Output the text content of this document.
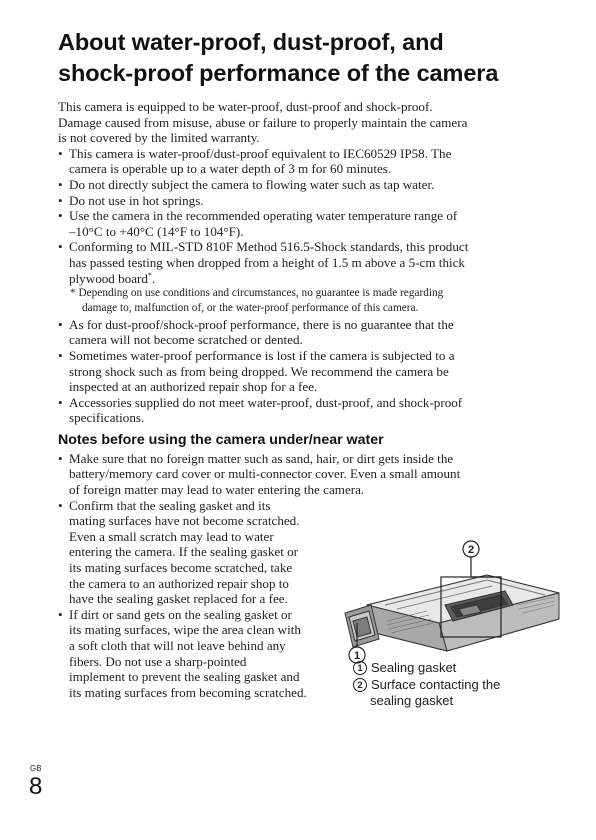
About water-proof, dust-proof, and
shock-proof performance of the camera
This camera is equipped to be water-proof, dust-proof and shock-proof.
Damage caused from misuse, abuse or failure to properly maintain the camera
is not covered by the limited warranty.
• This camera is water-proof/dust-proof equivalent to IEC60529 IP58. The
camera is operable up to a water depth of 3 m for 60 minutes.
• Do not directly subject the camera to flowing water such as tap water.
• Do not use in hot springs.
• Use the camera in the recommended operating water temperature range of
–10°C to +40°C (14°F to 104°F).
• Conforming to MIL-STD 810F Method 516.5-Shock standards, this product
has passed testing when dropped from a height of 1.5 m above a 5-cm thick
plywood board*.
* Depending on use conditions and circumstances, no guarantee is made regarding
damage to, malfunction of, or the water-proof performance of this camera.
• As for dust-proof/shock-proof performance, there is no guarantee that the
camera will not become scratched or dented.
• Sometimes water-proof performance is lost if the camera is subjected to a
strong shock such as from being dropped. We recommend the camera be
inspected at an authorized repair shop for a fee.
• Accessories supplied do not meet water-proof, dust-proof, and shock-proof
specifications.
Notes before using the camera under/near water
• Make sure that no foreign matter such as sand, hair, or dirt gets inside the
battery/memory card cover or multi-connector cover. Even a small amount
of foreign matter may lead to water entering the camera.
• Confirm that the sealing gasket and its
mating surfaces have not become scratched.
Even a small scratch may lead to water
entering the camera. If the sealing gasket or
its mating surfaces become scratched, take
the camera to an authorized repair shop to
have the sealing gasket replaced for a fee.
• If dirt or sand gets on the sealing gasket or
its mating surfaces, wipe the area clean with
a soft cloth that will not leave behind any
fibers. Do not use a sharp-pointed
implement to prevent the sealing gasket and
its mating surfaces from becoming scratched.
2
1
1 Sealing gasket
2 Surface contacting the
sealing gasket
GB
8
